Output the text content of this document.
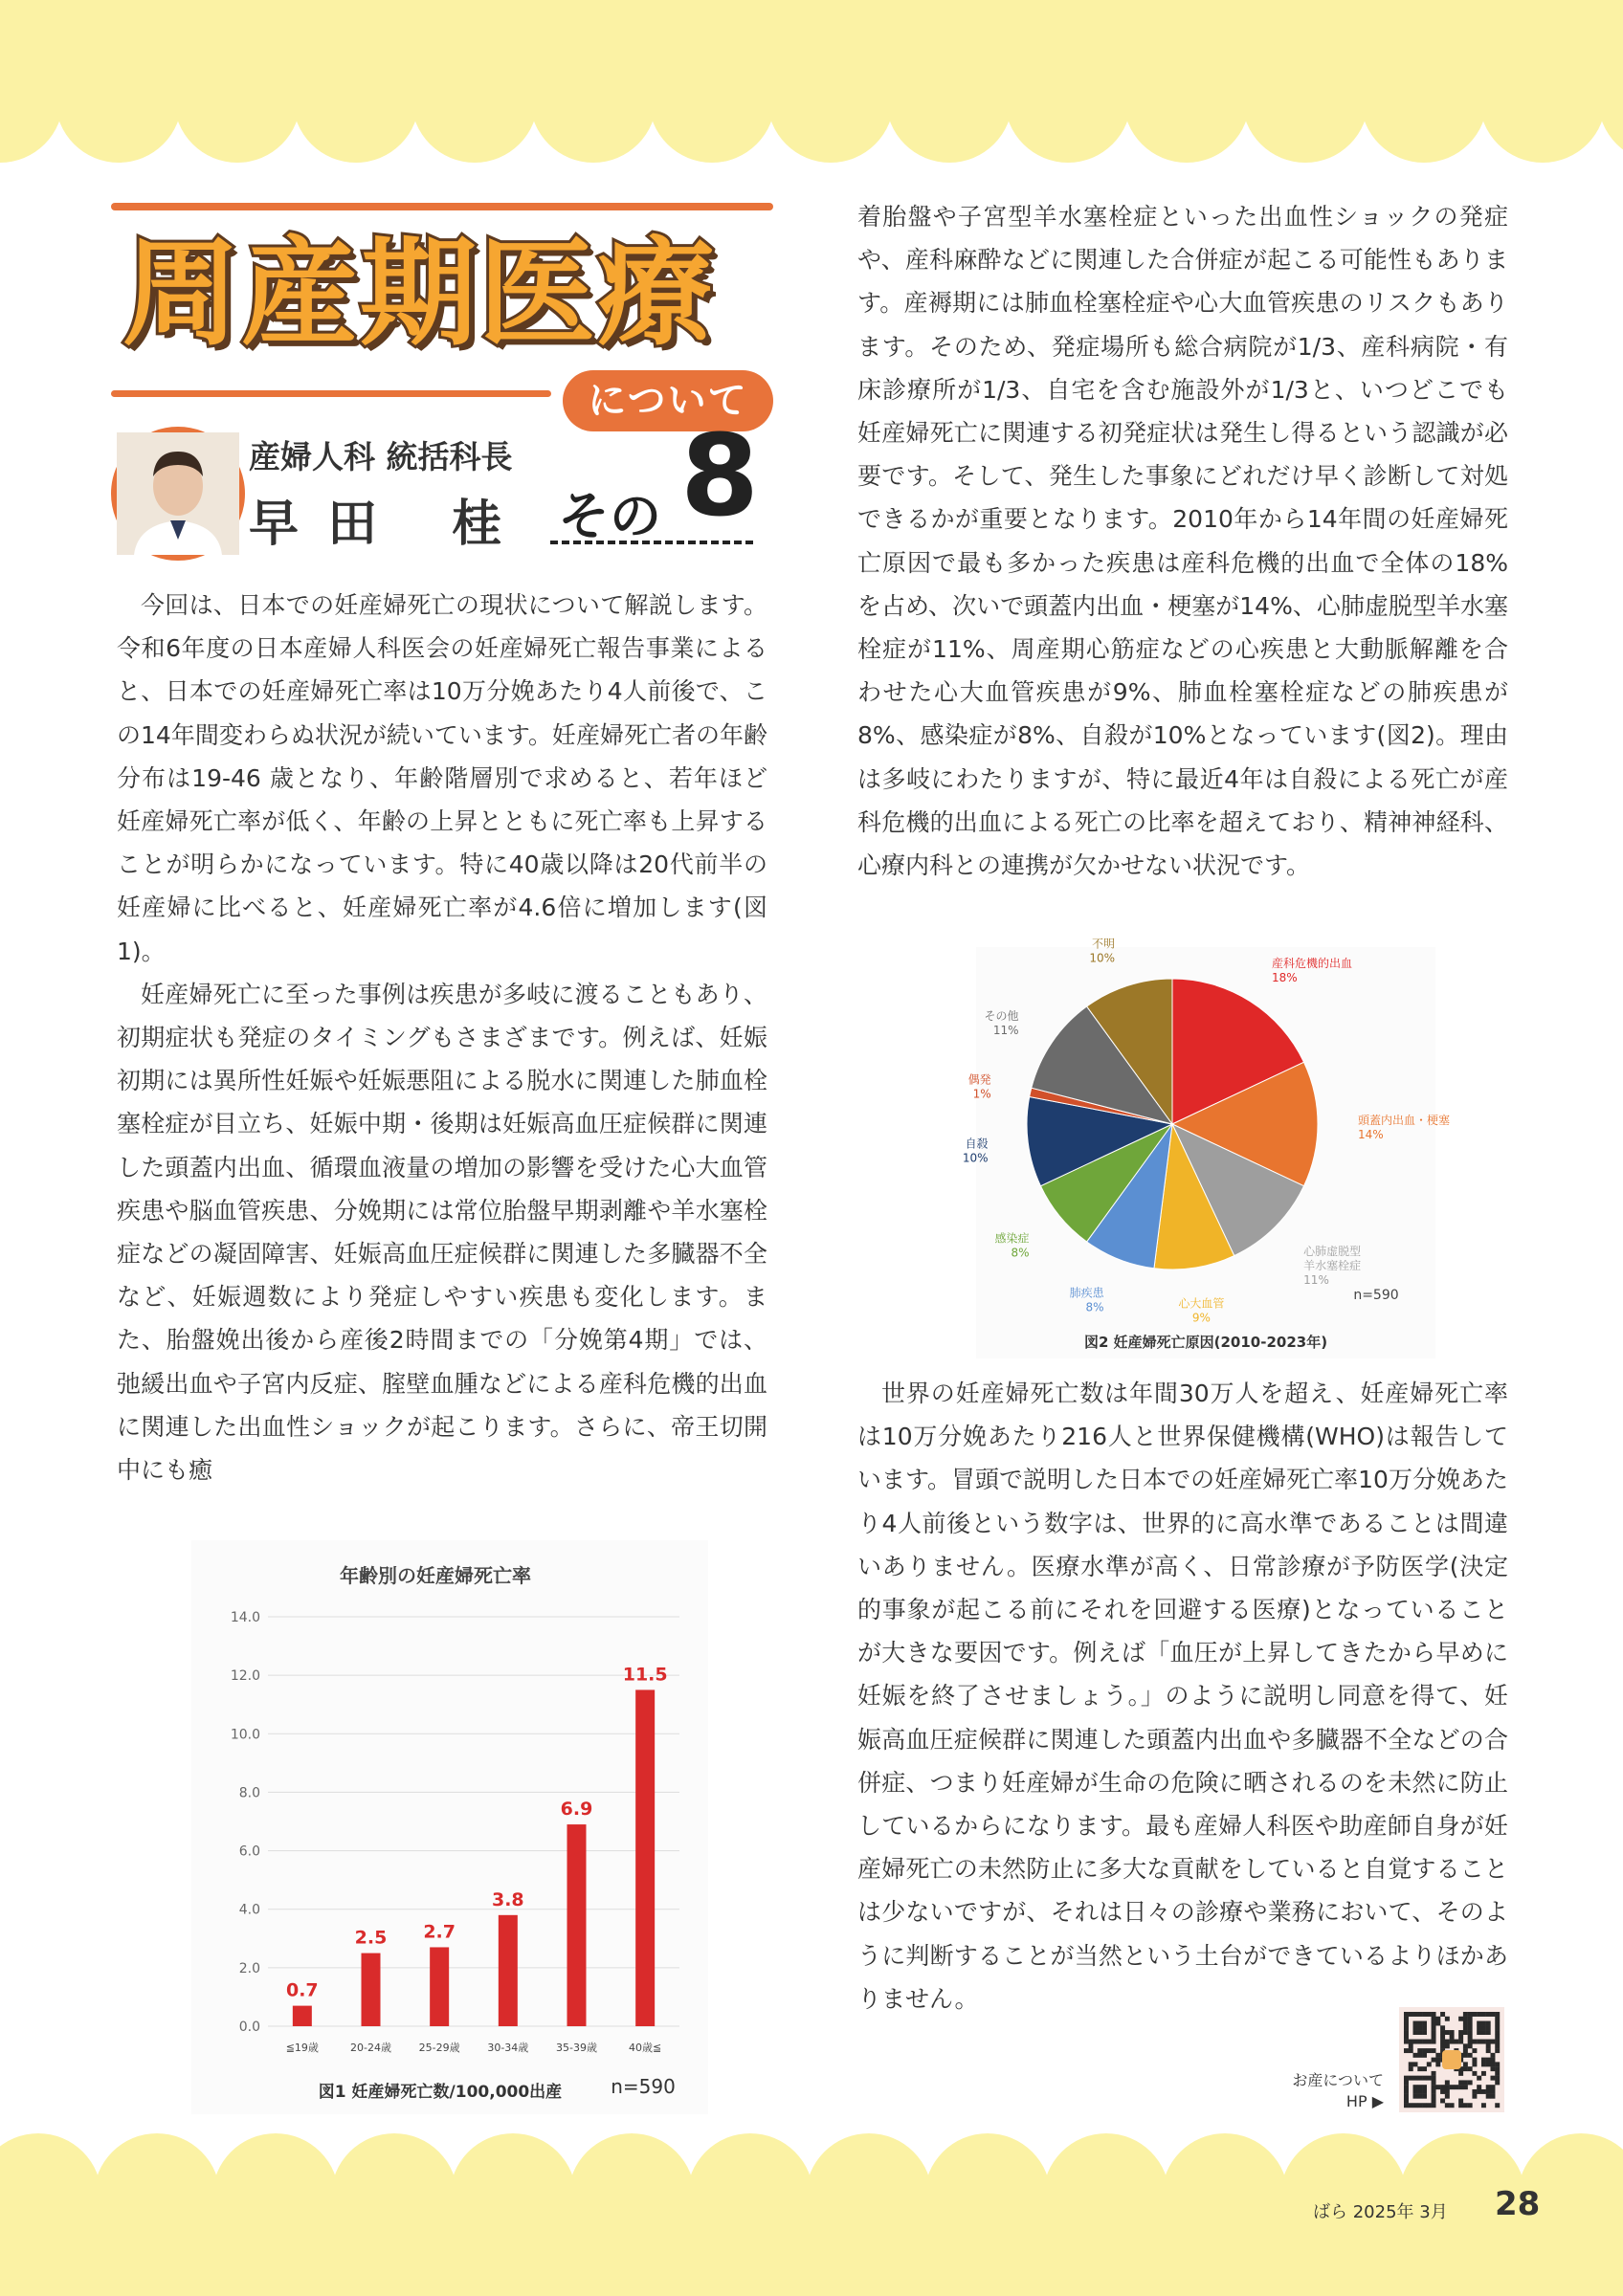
周産期医療
について
産婦人科 統括科長
早田 桂 その 8

今回は、日本での妊産婦死亡の現状について解説します。令和6年度の日本産婦人科医会の妊産婦死亡報告事業によると、日本での妊産婦死亡率は10万分娩あたり4人前後で、この14年間変わらぬ状況が続いています。妊産婦死亡者の年齢分布は19-46 歳となり、年齢階層別で求めると、若年ほど妊産婦死亡率が低く、年齢の上昇とともに死亡率も上昇することが明らかになっています。特に40歳以降は20代前半の妊産婦に比べると、妊産婦死亡率が4.6倍に増加します(図1)。

妊産婦死亡に至った事例は疾患が多岐に渡ることもあり、初期症状も発症のタイミングもさまざまです。例えば、妊娠初期には異所性妊娠や妊娠悪阻による脱水に関連した肺血栓塞栓症が目立ち、妊娠中期・後期は妊娠高血圧症候群に関連した頭蓋内出血、循環血液量の増加の影響を受けた心大血管疾患や脳血管疾患、分娩期には常位胎盤早期剥離や羊水塞栓症などの凝固障害、妊娠高血圧症候群に関連した多臓器不全など、妊娠週数により発症しやすい疾患も変化します。また、胎盤娩出後から産後2時間までの「分娩第4期」では、弛緩出血や子宮内反症、腟壁血腫などによる産科危機的出血に関連した出血性ショックが起こります。さらに、帝王切開中にも癒

着胎盤や子宮型羊水塞栓症といった出血性ショックの発症や、産科麻酔などに関連した合併症が起こる可能性もあります。産褥期には肺血栓塞栓症や心大血管疾患のリスクもあります。そのため、発症場所も総合病院が1/3、産科病院・有床診療所が1/3、自宅を含む施設外が1/3と、いつどこでも妊産婦死亡に関連する初発症状は発生し得るという認識が必要です。そして、発生した事象にどれだけ早く診断して対処できるかが重要となります。2010年から14年間の妊産婦死亡原因で最も多かった疾患は産科危機的出血で全体の18%を占め、次いで頭蓋内出血・梗塞が14%、心肺虚脱型羊水塞栓症が11%、周産期心筋症などの心疾患と大動脈解離を合わせた心大血管疾患が9%、肺血栓塞栓症などの肺疾患が8%、感染症が8%、自殺が10%となっています(図2)。理由は多岐にわたりますが、特に最近4年は自殺による死亡が産科危機的出血による死亡の比率を超えており、精神神経科、心療内科との連携が欠かせない状況です。

世界の妊産婦死亡数は年間30万人を超え、妊産婦死亡率は10万分娩あたり216人と世界保健機構(WHO)は報告しています。冒頭で説明した日本での妊産婦死亡率10万分娩あたり4人前後という数字は、世界的に高水準であることは間違いありません。医療水準が高く、日常診療が予防医学(決定的事象が起こる前にそれを回避する医療)となっていることが大きな要因です。例えば「血圧が上昇してきたから早めに妊娠を終了させましょう。」のように説明し同意を得て、妊娠高血圧症候群に関連した頭蓋内出血や多臓器不全などの合併症、つまり妊産婦が生命の危険に晒されるのを未然に防止しているからになります。最も産婦人科医や助産師自身が妊産婦死亡の未然防止に多大な貢献をしていると自覚することは少ないですが、それは日々の診療や業務において、そのように判断することが当然という土台ができているよりほかありません。

年齢別の妊産婦死亡率
0.0
2.0
4.0
6.0
8.0
10.0
12.0
14.0
0.7
≦19歳
2.5
20-24歳
2.7
25-29歳
3.8
30-34歳
6.9
35-39歳
11.5
40歳≦
図1 妊産婦死亡数/100,000出産	n=590
産科危機的出血 18%
頭蓋内出血・梗塞 14%
心肺虚脱型羊水塞栓症 11%
心大血管 9%
肺疾患 8%
感染症 8%
自殺 10%
偶発 1%
その他 11%
不明 10%
n=590
図2 妊産婦死亡原因(2010-2023年)
お産について
HP ▶
ばら 2025年 3月 28
